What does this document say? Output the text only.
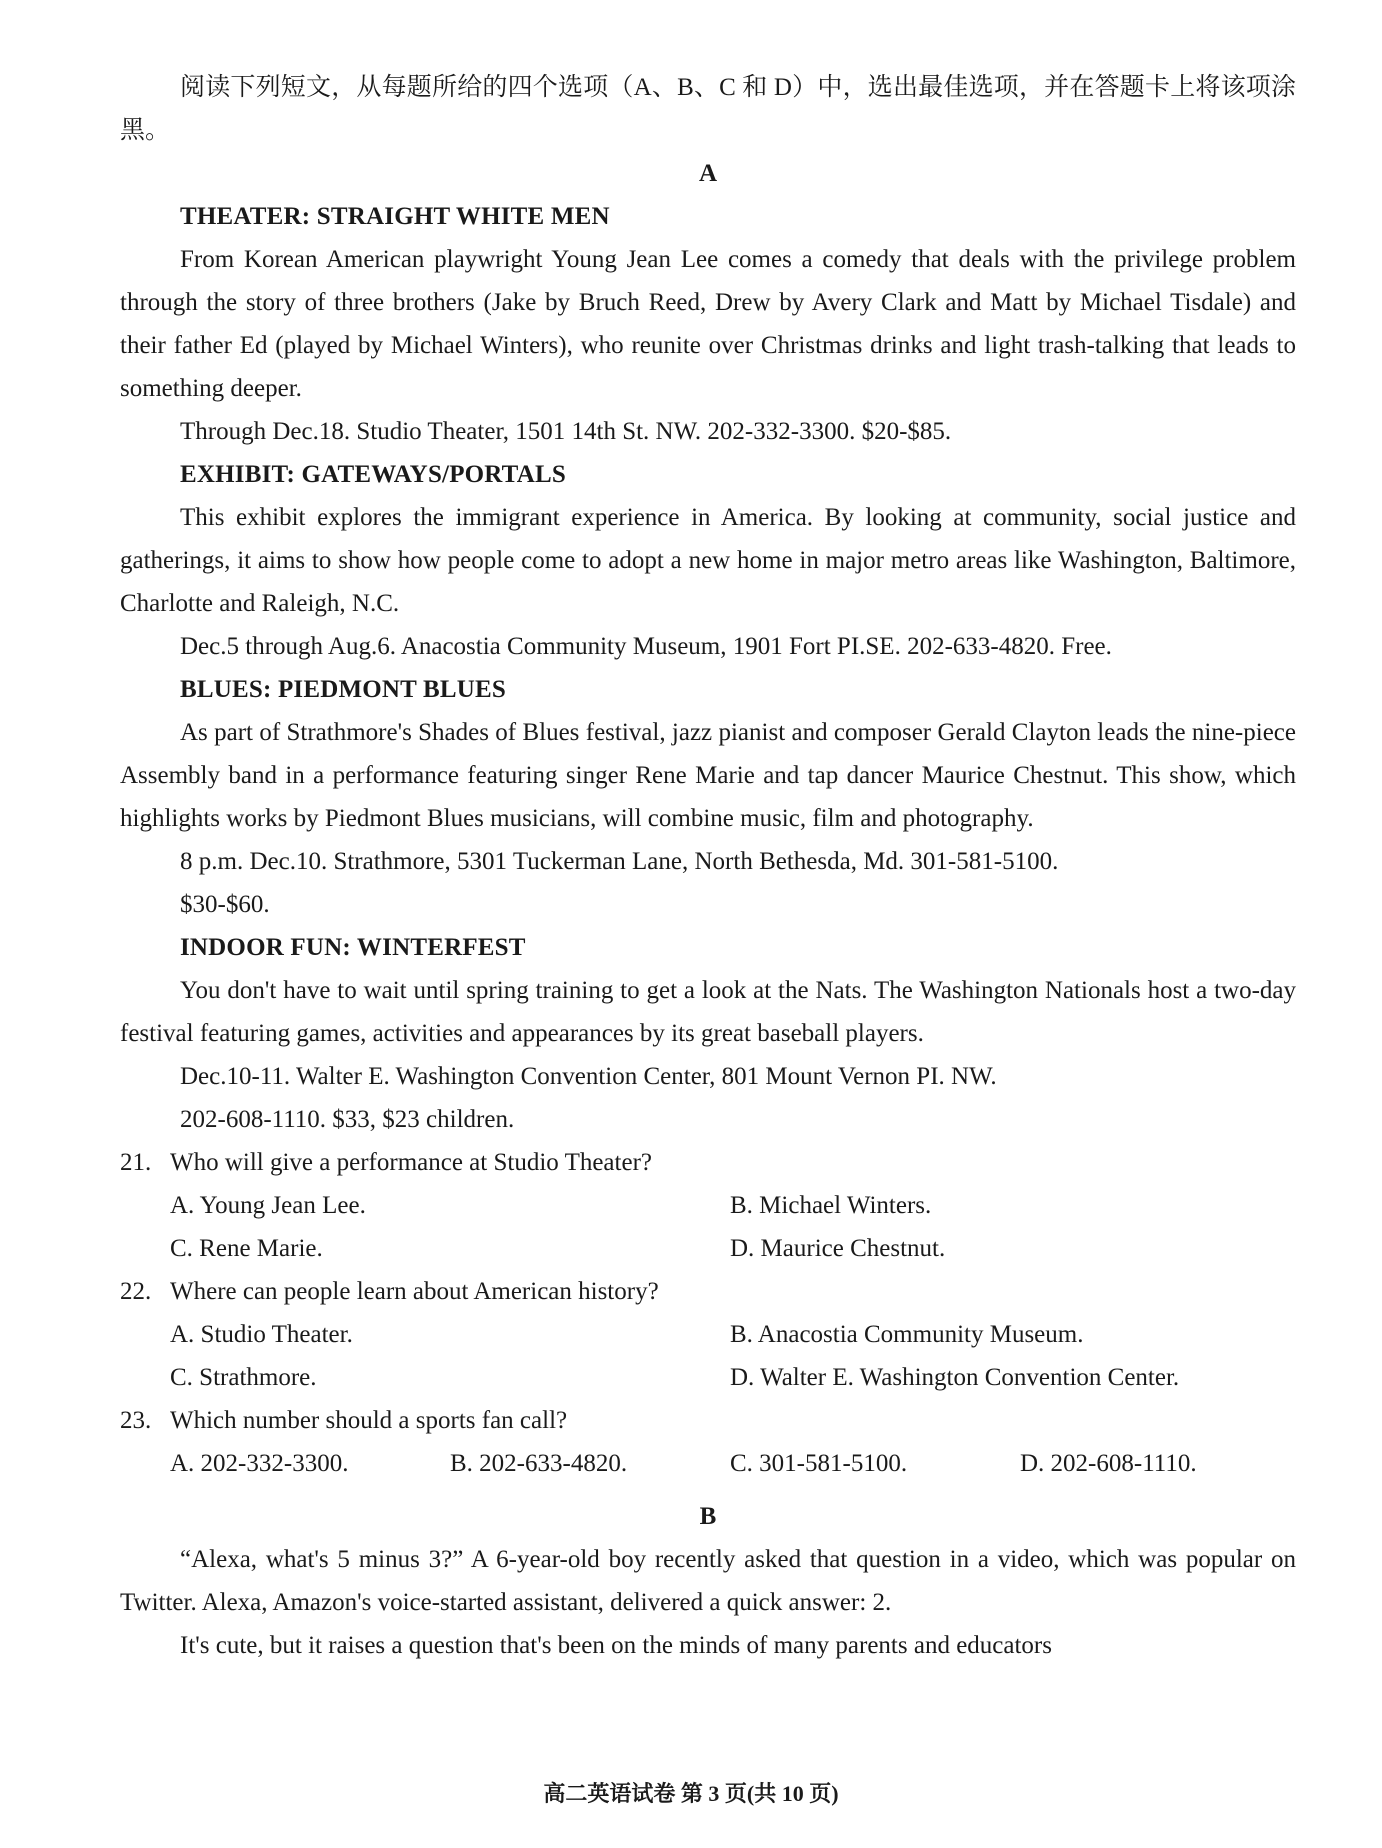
阅读下列短文，从每题所给的四个选项（A、B、C 和 D）中，选出最佳选项，并在答题卡上将该项涂黑。

A

THEATER: STRAIGHT WHITE MEN

From Korean American playwright Young Jean Lee comes a comedy that deals with the privilege problem through the story of three brothers (Jake by Bruch Reed, Drew by Avery Clark and Matt by Michael Tisdale) and their father Ed (played by Michael Winters), who reunite over Christmas drinks and light trash-talking that leads to something deeper.

Through Dec.18. Studio Theater, 1501 14th St. NW. 202-332-3300. $20-$85.

EXHIBIT: GATEWAYS/PORTALS

This exhibit explores the immigrant experience in America. By looking at community, social justice and gatherings, it aims to show how people come to adopt a new home in major metro areas like Washington, Baltimore, Charlotte and Raleigh, N.C.

Dec.5 through Aug.6. Anacostia Community Museum, 1901 Fort PI.SE. 202-633-4820. Free.

BLUES: PIEDMONT BLUES

As part of Strathmore's Shades of Blues festival, jazz pianist and composer Gerald Clayton leads the nine-piece Assembly band in a performance featuring singer Rene Marie and tap dancer Maurice Chestnut. This show, which highlights works by Piedmont Blues musicians, will combine music, film and photography.

8 p.m. Dec.10. Strathmore, 5301 Tuckerman Lane, North Bethesda, Md. 301-581-5100.

$30-$60.

INDOOR FUN: WINTERFEST

You don't have to wait until spring training to get a look at the Nats. The Washington Nationals host a two-day festival featuring games, activities and appearances by its great baseball players.

Dec.10-11. Walter E. Washington Convention Center, 801 Mount Vernon PI. NW.

202-608-1110. $33, $23 children.

21. Who will give a performance at Studio Theater?

A. Young Jean Lee.	B. Michael Winters.
C. Rene Marie.	D. Maurice Chestnut.

22. Where can people learn about American history?

A. Studio Theater.	B. Anacostia Community Museum.
C. Strathmore.	D. Walter E. Washington Convention Center.

23. Which number should a sports fan call?

A. 202-332-3300.	B. 202-633-4820.	C. 301-581-5100.	D. 202-608-1110.

B

“Alexa, what's 5 minus 3?” A 6-year-old boy recently asked that question in a video, which was popular on Twitter. Alexa, Amazon's voice-started assistant, delivered a quick answer: 2.

It's cute, but it raises a question that's been on the minds of many parents and educators

高二英语试卷 第 3 页(共 10 页)
